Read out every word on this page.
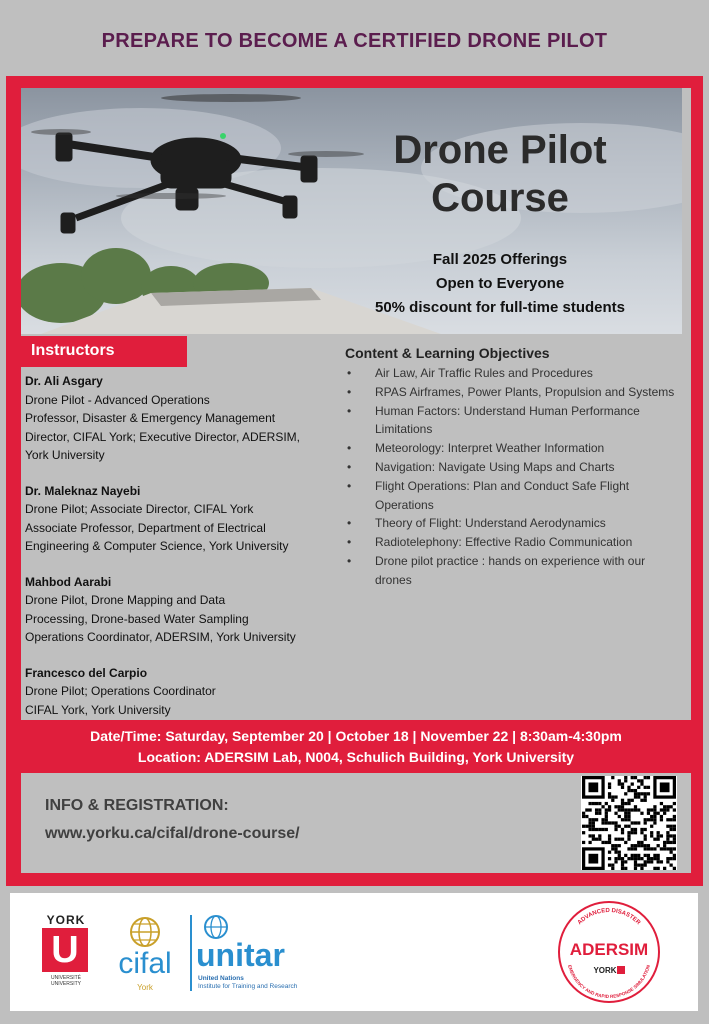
PREPARE TO BECOME A CERTIFIED DRONE PILOT
Drone Pilot
Course
Fall 2025 Offerings
Open to Everyone
50% discount for full-time students
Instructors
Dr. Ali Asgary
Drone Pilot - Advanced Operations
Professor, Disaster & Emergency Management
Director, CIFAL York; Executive Director, ADERSIM,
York University
Dr. Maleknaz Nayebi
Drone Pilot; Associate Director, CIFAL York
Associate Professor, Department of Electrical
Engineering & Computer Science, York University
Mahbod Aarabi
Drone Pilot, Drone Mapping and Data
Processing, Drone-based Water Sampling
Operations Coordinator, ADERSIM, York University
Francesco del Carpio
Drone Pilot; Operations Coordinator
CIFAL York, York University
Content & Learning Objectives
• Air Law, Air Traffic Rules and Procedures
• RPAS Airframes, Power Plants, Propulsion and Systems
• Human Factors: Understand Human Performance Limitations
• Meteorology: Interpret Weather Information
• Navigation: Navigate Using Maps and Charts
• Flight Operations: Plan and Conduct Safe Flight Operations
• Theory of Flight: Understand Aerodynamics
• Radiotelephony: Effective Radio Communication
• Drone pilot practice : hands on experience with our drones
Date/Time: Saturday, September 20 | October 18 | November 22 | 8:30am-4:30pm
Location: ADERSIM Lab, N004, Schulich Building, York University
INFO & REGISTRATION:
www.yorku.ca/cifal/drone-course/
YORK
U
UNIVERSITÉ
UNIVERSITY
cifal
York
unitar
United Nations
Institute for Training and Research
ADVANCED DISASTER
EMERGENCY AND RAPID RESPONSE SIMULATION
ADERSIM
YORK
